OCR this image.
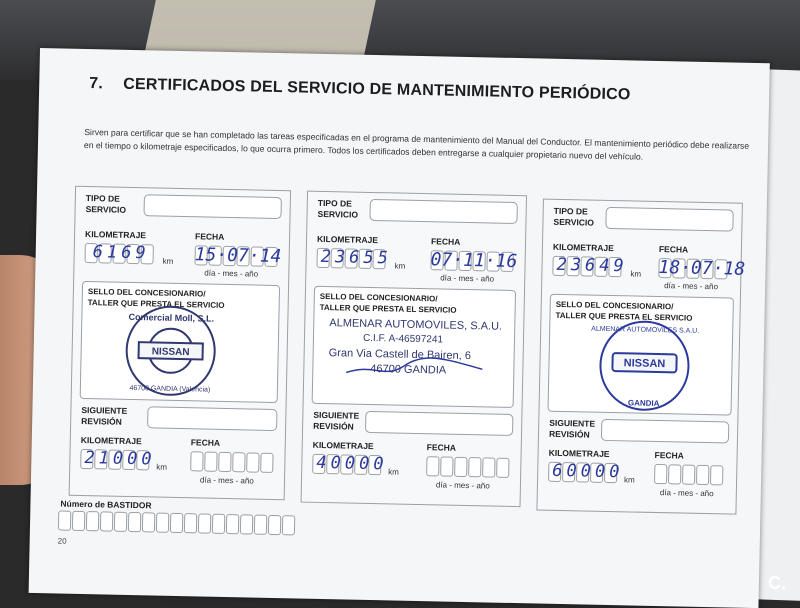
7. CERTIFICADOS DEL SERVICIO DE MANTENIMIENTO PERIÓDICO
Sirven para certificar que se han completado las tareas especificadas en el programa de mantenimiento del Manual del Conductor. El mantenimiento periódico debe realizarse en el tiempo o kilometraje especificados, lo que ocurra primero. Todos los certificados deben entregarse a cualquier propietario nuevo del vehículo.
TIPO DE
SERVICIO
KILOMETRAJE	FECHA
6169 km 15·07·14
día - mes - año
SELLO DEL CONCESIONARIO/
TALLER QUE PRESTA EL SERVICIO
NISSAN
Comercial Moll, S.L.
46700 GANDIA (Valencia)
SIGUIENTE
REVISIÓN
KILOMETRAJE	FECHA
21000 km
día - mes - año
TIPO DE
SERVICIO
KILOMETRAJE	FECHA
23655 km 07·11·16
día - mes - año
SELLO DEL CONCESIONARIO/
TALLER QUE PRESTA EL SERVICIO
ALMENAR AUTOMOVILES, S.A.U.
C.I.F. A-46597241
Gran Via Castell de Bairen, 6
46700 GANDIA
SIGUIENTE
REVISIÓN
KILOMETRAJE	FECHA
40000 km
día - mes - año
TIPO DE
SERVICIO
KILOMETRAJE	FECHA
23649 km 18·07·18
día - mes - año
SELLO DEL CONCESIONARIO/
TALLER QUE PRESTA EL SERVICIO
NISSAN
ALMENAR AUTOMOVILES S.A.U.
GANDIA
SIGUIENTE
REVISIÓN
KILOMETRAJE	FECHA
60000 km
día - mes - año
Número de BASTIDOR
20
C.
